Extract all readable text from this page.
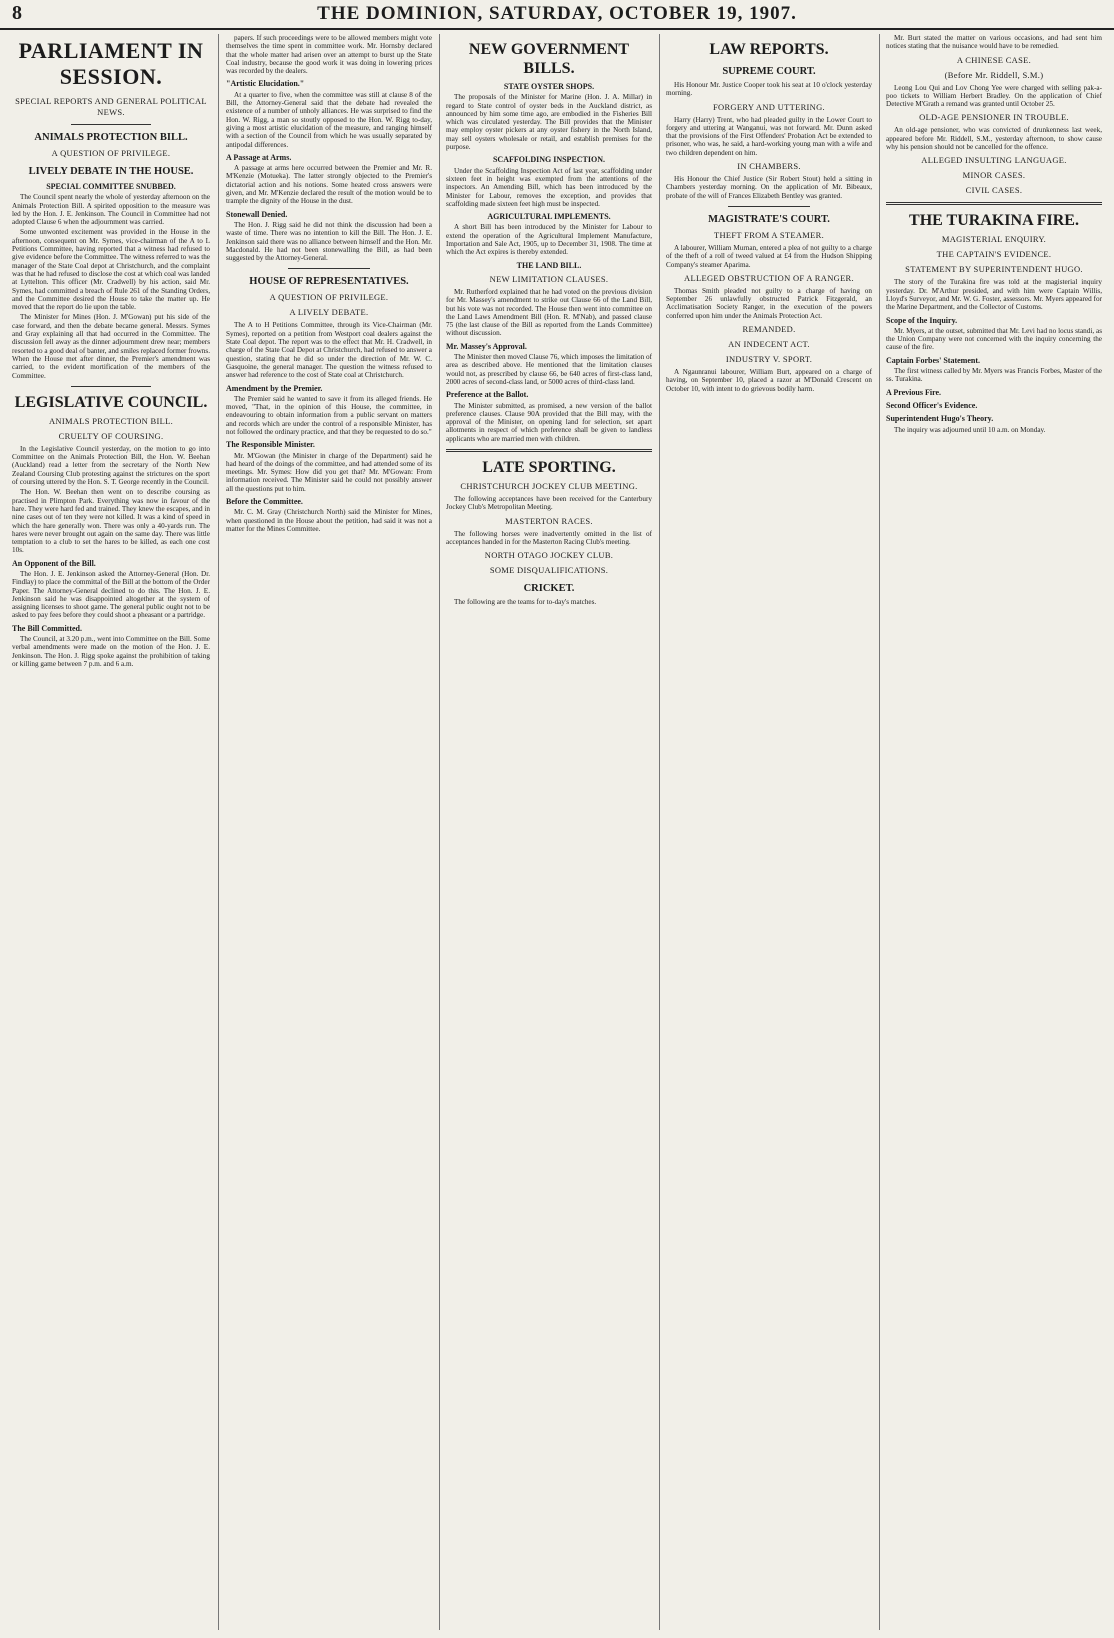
8	THE DOMINION, SATURDAY, OCTOBER 19, 1907.
PARLIAMENT IN SESSION.
SPECIAL REPORTS AND GENERAL POLITICAL NEWS.
ANIMALS PROTECTION BILL.
A QUESTION OF PRIVILEGE.
LIVELY DEBATE IN THE HOUSE.
SPECIAL COMMITTEE SNUBBED.

The Council spent nearly the whole of yesterday afternoon on the Animals Protection Bill. A spirited opposition to the measure was led by the Hon. J. E. Jenkinson. The Council in Committee had not adopted Clause 6 when the adjournment was carried.

Some unwonted excitement was provided in the House in the afternoon, consequent on Mr. Symes, vice-chairman of the A to L Petitions Committee, having reported that a witness had refused to give evidence before the Committee. The witness referred to was the manager of the State Coal depot at Christchurch, and the complaint was that he had refused to disclose the cost at which coal was landed at Lyttelton. This officer (Mr. Cradwell) by his action, said Mr. Symes, had committed a breach of Rule 261 of the Standing Orders, and the Committee desired the House to take the matter up. He moved that the report do lie upon the table.

The Minister for Mines (Hon. J. M'Gowan) put his side of the case forward, and then the debate became general. Messrs. Symes and Gray explaining all that had occurred in the Committee. The discussion fell away as the dinner adjournment drew near; members resorted to a good deal of banter, and smiles replaced former frowns. When the House met after dinner, the Premier's amendment was carried, to the evident mortification of the members of the Committee.

LEGISLATIVE COUNCIL.
ANIMALS PROTECTION BILL.
CRUELTY OF COURSING.

In the Legislative Council yesterday, on the motion to go into Committee on the Animals Protection Bill, the Hon. W. Beehan (Auckland) read a letter from the secretary of the North New Zealand Coursing Club protesting against the strictures on the sport of coursing uttered by the Hon. S. T. George recently in the Council.

The Hon. W. Beehan then went on to describe coursing as practised in Plimpton Park. Everything was now in favour of the hare. They were hard fed and trained. They knew the escapes, and in nine cases out of ten they were not killed. It was a kind of speed in which the hare generally won. There was only a 40-yards run. The hares were never brought out again on the same day. There was little temptation to a club to set the hares to be killed, as each one cost 10s.

An Opponent of the Bill.

The Hon. J. E. Jenkinson asked the Attorney-General (Hon. Dr. Findlay) to place the committal of the Bill at the bottom of the Order Paper. The Attorney-General declined to do this. The Hon. J. E. Jenkinson said he was disappointed altogether at the system of assigning licenses to shoot game. The general public ought not to be asked to pay fees before they could shoot a pheasant or a partridge.

The Bill Committed.

The Council, at 3.20 p.m., went into Committee on the Bill. Some verbal amendments were made on the motion of the Hon. J. E. Jenkinson. The Hon. J. Rigg spoke against the prohibition of taking or killing game between 7 p.m. and 6 a.m.

papers. If such proceedings were to be allowed members might vote themselves the time spent in committee work. Mr. Hornsby declared that the whole matter had arisen over an attempt to burst up the State Coal industry, because the good work it was doing in lowering prices was recorded by the dealers.

"Artistic Elucidation."

At a quarter to five, when the committee was still at clause 8 of the Bill, the Attorney-General said that the debate had revealed the existence of a number of unholy alliances. He was surprised to find the Hon. W. Rigg, a man so stoutly opposed to the Hon. W. Rigg to-day, giving a most artistic elucidation of the measure, and ranging himself with a section of the Council from which he was usually separated by antipodal differences.

A Passage at Arms.

A passage at arms here occurred between the Premier and Mr. R. M'Kenzie (Motueka). The latter strongly objected to the Premier's dictatorial action and his notions. Some heated cross answers were given, and Mr. M'Kenzie declared the result of the motion would be to trample the dignity of the House in the dust.

Stonewall Denied.

The Hon. J. Rigg said he did not think the discussion had been a waste of time. There was no intention to kill the Bill. The Hon. J. E. Jenkinson said there was no alliance between himself and the Hon. Mr. Macdonald. He had not been stonewalling the Bill, as had been suggested by the Attorney-General.

HOUSE OF REPRESENTATIVES.
A QUESTION OF PRIVILEGE.
A LIVELY DEBATE.

The A to H Petitions Committee, through its Vice-Chairman (Mr. Symes), reported on a petition from Westport coal dealers against the State Coal depot. The report was to the effect that Mr. H. Cradwell, in charge of the State Coal Depot at Christchurch, had refused to answer a question, stating that he did so under the direction of Mr. W. C. Gasquoine, the general manager. The question the witness refused to answer had reference to the cost of State coal at Christchurch.

Amendment by the Premier.

The Premier said he wanted to save it from its alleged friends. He moved, "That, in the opinion of this House, the committee, in endeavouring to obtain information from a public servant on matters and records which are under the control of a responsible Minister, has not followed the ordinary practice, and that they be requested to do so."

The Responsible Minister.

Mr. M'Gowan (the Minister in charge of the Department) said he had heard of the doings of the committee, and had attended some of its meetings. Mr. Symes: How did you get that? Mr. M'Gowan: From information received. The Minister said he could not possibly answer all the questions put to him.

Before the Committee.

Mr. C. M. Gray (Christchurch North) said the Minister for Mines, when questioned in the House about the petition, had said it was not a matter for the Mines Committee.

NEW GOVERNMENT BILLS.
STATE OYSTER SHOPS.

The proposals of the Minister for Marine (Hon. J. A. Millar) in regard to State control of oyster beds in the Auckland district, as announced by him some time ago, are embodied in the Fisheries Bill which was circulated yesterday. The Bill provides that the Minister may employ oyster pickers at any oyster fishery in the North Island, may sell oysters wholesale or retail, and establish premises for the purpose.

SCAFFOLDING INSPECTION.

Under the Scaffolding Inspection Act of last year, scaffolding under sixteen feet in height was exempted from the attentions of the inspectors. An Amending Bill, which has been introduced by the Minister for Labour, removes the exception, and provides that scaffolding made sixteen feet high must be inspected.

AGRICULTURAL IMPLEMENTS.

A short Bill has been introduced by the Minister for Labour to extend the operation of the Agricultural Implement Manufacture, Importation and Sale Act, 1905, up to December 31, 1908. The time at which the Act expires is thereby extended.

THE LAND BILL.
NEW LIMITATION CLAUSES.

Mr. Rutherford explained that he had voted on the previous division for Mr. Massey's amendment to strike out Clause 66 of the Land Bill, but his vote was not recorded. The House then went into committee on the Land Laws Amendment Bill (Hon. R. M'Nab), and passed clause 75 (the last clause of the Bill as reported from the Lands Committee) without discussion.

Mr. Massey's Approval.

The Minister then moved Clause 76, which imposes the limitation of area as described above. He mentioned that the limitation clauses would not, as prescribed by clause 66, be 640 acres of first-class land, 2000 acres of second-class land, or 5000 acres of third-class land.

Preference at the Ballot.

The Minister submitted, as promised, a new version of the ballot preference clauses. Clause 90A provided that the Bill may, with the approval of the Minister, on opening land for selection, set apart allotments in respect of which preference shall be given to landless applicants who are married men with children.

LATE SPORTING.
CHRISTCHURCH JOCKEY CLUB MEETING.

The following acceptances have been received for the Canterbury Jockey Club's Metropolitan Meeting.

MASTERTON RACES.

The following horses were inadvertently omitted in the list of acceptances handed in for the Masterton Racing Club's meeting.

NORTH OTAGO JOCKEY CLUB.
SOME DISQUALIFICATIONS.
CRICKET.

The following are the teams for to-day's matches.

LAW REPORTS.
SUPREME COURT.

His Honour Mr. Justice Cooper took his seat at 10 o'clock yesterday morning.

FORGERY AND UTTERING.

Harry (Harry) Trent, who had pleaded guilty in the Lower Court to forgery and uttering at Wanganui, was not forward. Mr. Dunn asked that the provisions of the First Offenders' Probation Act be extended to prisoner, who was, he said, a hard-working young man with a wife and two children dependent on him.

IN CHAMBERS.

His Honour the Chief Justice (Sir Robert Stout) held a sitting in Chambers yesterday morning. On the application of Mr. Bibeaux, probate of the will of Frances Elizabeth Bentley was granted.

MAGISTRATE'S COURT.
THEFT FROM A STEAMER.

A labourer, William Murnan, entered a plea of not guilty to a charge of the theft of a roll of tweed valued at £4 from the Hudson Shipping Company's steamer Aparima.

ALLEGED OBSTRUCTION OF A RANGER.

Thomas Smith pleaded not guilty to a charge of having on September 26 unlawfully obstructed Patrick Fitzgerald, an Acclimatisation Society Ranger, in the execution of the powers conferred upon him under the Animals Protection Act.

REMANDED.
AN INDECENT ACT.
INDUSTRY V. SPORT.

A Ngaunranui labourer, William Burt, appeared on a charge of having, on September 10, placed a razor at M'Donald Crescent on October 10, with intent to do grievous bodily harm.

Mr. Burt stated the matter on various occasions, and had sent him notices stating that the nuisance would have to be remedied.

A CHINESE CASE.
(Before Mr. Riddell, S.M.)

Leong Lou Qui and Lov Chong Yee were charged with selling pak-a-poo tickets to William Herbert Bradley. On the application of Chief Detective M'Grath a remand was granted until October 25.

OLD-AGE PENSIONER IN TROUBLE.

An old-age pensioner, who was convicted of drunkenness last week, appeared before Mr. Riddell, S.M., yesterday afternoon, to show cause why his pension should not be cancelled for the offence.

ALLEGED INSULTING LANGUAGE.
MINOR CASES.
CIVIL CASES.
THE TURAKINA FIRE.
MAGISTERIAL ENQUIRY.
THE CAPTAIN'S EVIDENCE.
STATEMENT BY SUPERINTENDENT HUGO.

The story of the Turakina fire was told at the magisterial inquiry yesterday. Dr. M'Arthur presided, and with him were Captain Willis, Lloyd's Surveyor, and Mr. W. G. Foster, assessors. Mr. Myers appeared for the Marine Department, and the Collector of Customs.

Scope of the Inquiry.

Mr. Myers, at the outset, submitted that Mr. Levi had no locus standi, as the Union Company were not concerned with the inquiry concerning the cause of the fire.

Captain Forbes' Statement.

The first witness called by Mr. Myers was Francis Forbes, Master of the ss. Turakina.

A Previous Fire.
Second Officer's Evidence.
Superintendent Hugo's Theory.

The inquiry was adjourned until 10 a.m. on Monday.
